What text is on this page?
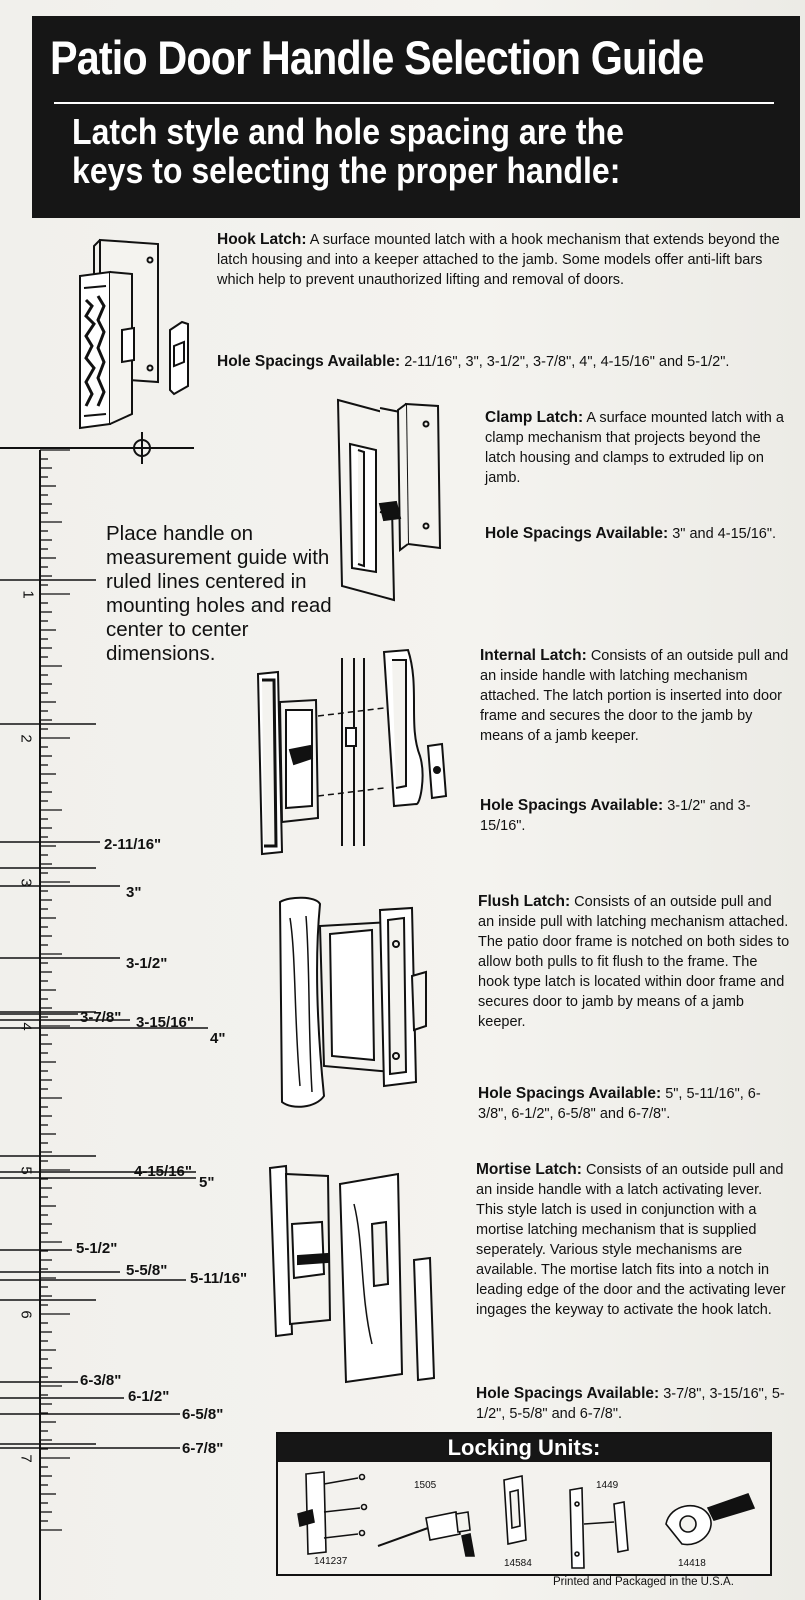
Patio Door Handle Selection Guide
Latch style and hole spacing are the
keys to selecting the proper handle:
1
2
3
4
5
6
7
2-11/16"
3"
3-1/2"
3-7/8" 3-15/16"
4"
4-15/16"
5"
5-1/2"
5-5/8" 5-11/16"
6-3/8"
6-1/2"
6-5/8"
6-7/8"
Place handle on measurement guide with ruled lines centered in mounting holes and read center to center dimensions.
Hook Latch: A surface mounted latch with a hook mechanism that extends beyond the latch housing and into a keeper attached to the jamb. Some models offer anti-lift bars which help to prevent unauthorized lifting and removal of doors.
Hole Spacings Available: 2-11/16", 3", 3-1/2", 3-7/8", 4", 4-15/16" and 5-1/2".
Clamp Latch: A surface mounted latch with a clamp mechanism that projects beyond the latch housing and clamps to extruded lip on jamb.
Hole Spacings Available: 3" and 4-15/16".
Internal Latch: Consists of an outside pull and an inside handle with latching mechanism attached. The latch portion is inserted into door frame and secures the door to the jamb by means of a jamb keeper.
Hole Spacings Available: 3-1/2" and 3-15/16".
Flush Latch: Consists of an outside pull and an inside pull with latching mechanism attached. The patio door frame is notched on both sides to allow both pulls to fit flush to the frame. The hook type latch is located within door frame and secures door to jamb by means of a jamb keeper.
Hole Spacings Available: 5", 5-11/16", 6-3/8", 6-1/2", 6-5/8" and 6-7/8".
Mortise Latch: Consists of an outside pull and an inside handle with a latch activating lever. This style latch is used in conjunction with a mortise latching mechanism that is supplied seperately. Various style mechanisms are available. The mortise latch fits into a notch in leading edge of the door and the activating lever ingages the keyway to activate the hook latch.
Hole Spacings Available: 3-7/8", 3-15/16", 5-1/2", 5-5/8" and 6-7/8".
Locking Units:
1505	1449
141237	14584	14418
Printed and Packaged in the U.S.A.
